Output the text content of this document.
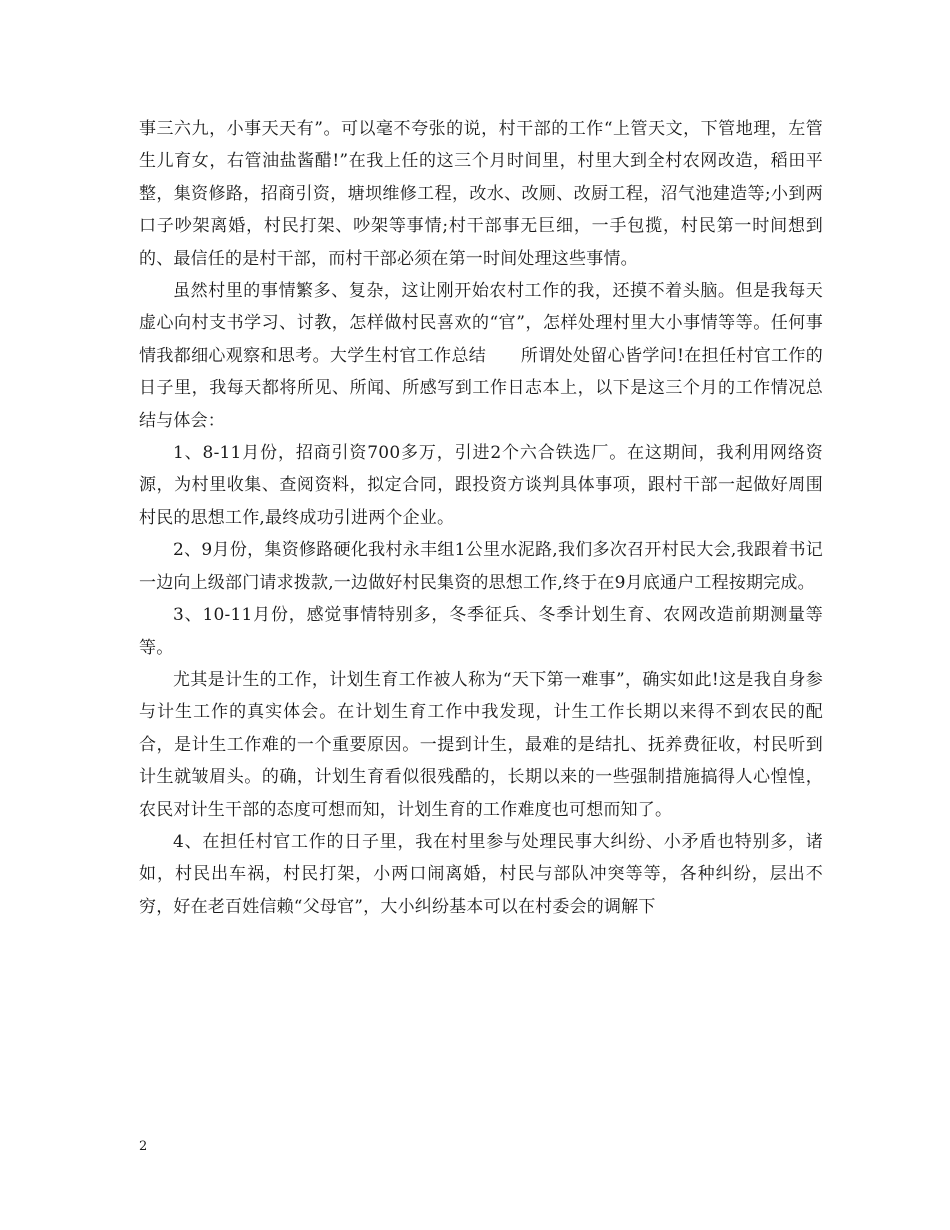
事三六九，小事天天有”。可以毫不夸张的说，村干部的工作“上管天文，下管地理，左管生儿育女，右管油盐酱醋!”在我上任的这三个月时间里，村里大到全村农网改造，稻田平整，集资修路，招商引资，塘坝维修工程，改水、改厕、改厨工程，沼气池建造等;小到两口子吵架离婚，村民打架、吵架等事情;村干部事无巨细，一手包揽，村民第一时间想到的、最信任的是村干部，而村干部必须在第一时间处理这些事情。

虽然村里的事情繁多、复杂，这让刚开始农村工作的我，还摸不着头脑。但是我每天虚心向村支书学习、讨教，怎样做村民喜欢的“官”，怎样处理村里大小事情等等。任何事情我都细心观察和思考。大学生村官工作总结　　所谓处处留心皆学问!在担任村官工作的日子里，我每天都将所见、所闻、所感写到工作日志本上，以下是这三个月的工作情况总结与体会：

1、8-11月份，招商引资700多万，引进2个六合铁选厂。在这期间，我利用网络资源，为村里收集、查阅资料，拟定合同，跟投资方谈判具体事项，跟村干部一起做好周围村民的思想工作,最终成功引进两个企业。

2、9月份，集资修路硬化我村永丰组1公里水泥路,我们多次召开村民大会,我跟着书记一边向上级部门请求拨款,一边做好村民集资的思想工作,终于在9月底通户工程按期完成。

3、10-11月份，感觉事情特别多，冬季征兵、冬季计划生育、农网改造前期测量等等。

尤其是计生的工作，计划生育工作被人称为“天下第一难事”，确实如此!这是我自身参与计生工作的真实体会。在计划生育工作中我发现，计生工作长期以来得不到农民的配合，是计生工作难的一个重要原因。一提到计生，最难的是结扎、抚养费征收，村民听到计生就皱眉头。的确，计划生育看似很残酷的，长期以来的一些强制措施搞得人心惶惶，农民对计生干部的态度可想而知，计划生育的工作难度也可想而知了。

4、在担任村官工作的日子里，我在村里参与处理民事大纠纷、小矛盾也特别多，诸如，村民出车祸，村民打架，小两口闹离婚，村民与部队冲突等等，各种纠纷，层出不穷，好在老百姓信赖“父母官”，大小纠纷基本可以在村委会的调解下

2
